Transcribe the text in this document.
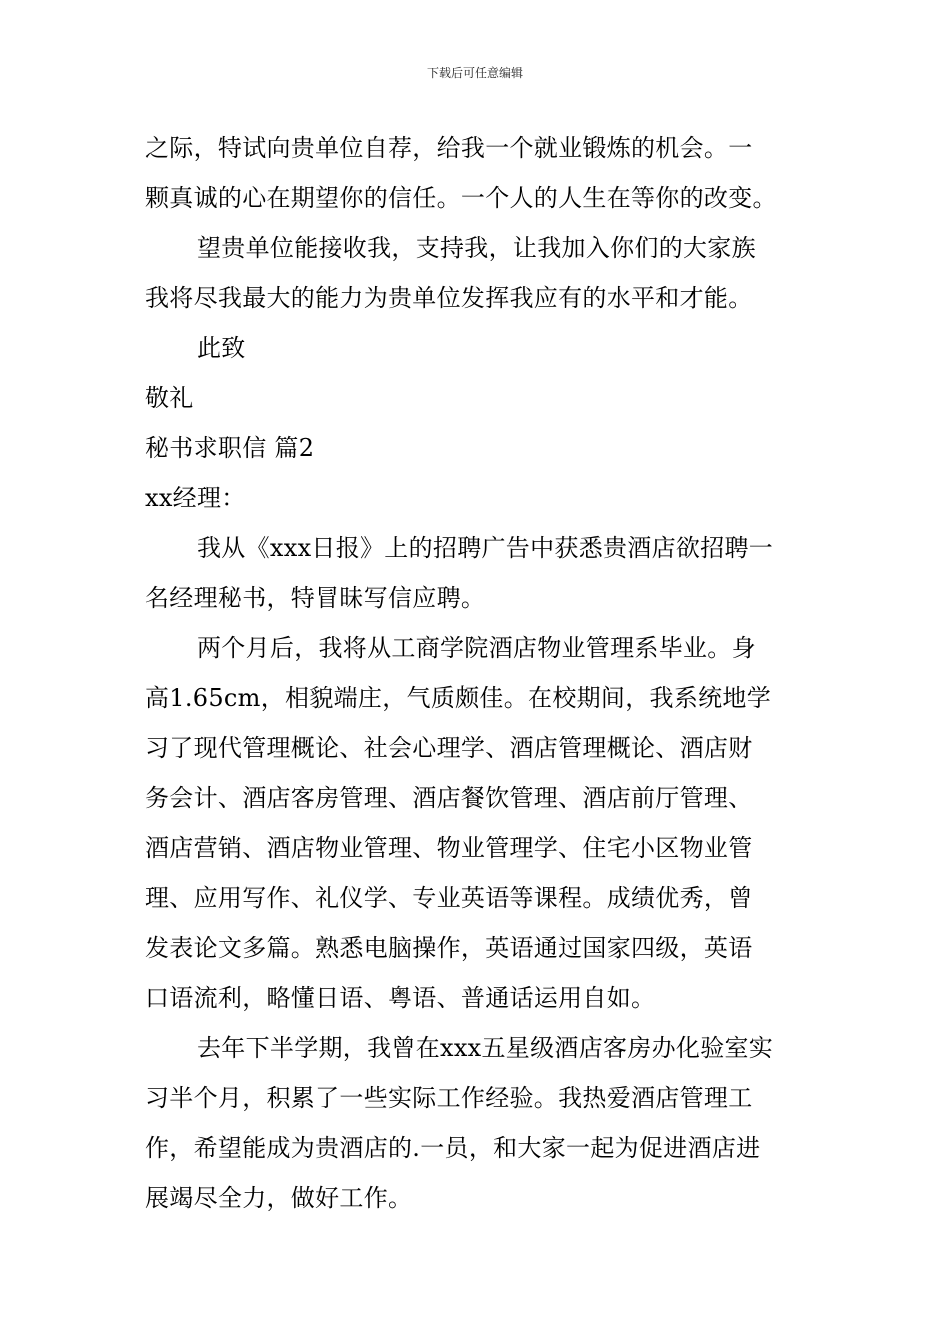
下载后可任意编辑
之际，特试向贵单位自荐，给我一个就业锻炼的机会。一
颗真诚的心在期望你的信任。一个人的人生在等你的改变。
望贵单位能接收我，支持我，让我加入你们的大家族
我将尽我最大的能力为贵单位发挥我应有的水平和才能。
此致
敬礼
秘书求职信 篇2
xx经理：
我从《xxx日报》上的招聘广告中获悉贵酒店欲招聘一
名经理秘书，特冒昧写信应聘。
两个月后，我将从工商学院酒店物业管理系毕业。身
高1.65cm，相貌端庄，气质颇佳。在校期间，我系统地学
习了现代管理概论、社会心理学、酒店管理概论、酒店财
务会计、酒店客房管理、酒店餐饮管理、酒店前厅管理、
酒店营销、酒店物业管理、物业管理学、住宅小区物业管
理、应用写作、礼仪学、专业英语等课程。成绩优秀，曾
发表论文多篇。熟悉电脑操作，英语通过国家四级，英语
口语流利，略懂日语、粤语、普通话运用自如。
去年下半学期，我曾在xxx五星级酒店客房办化验室实
习半个月，积累了一些实际工作经验。我热爱酒店管理工
作，希望能成为贵酒店的.一员，和大家一起为促进酒店进
展竭尽全力，做好工作。
